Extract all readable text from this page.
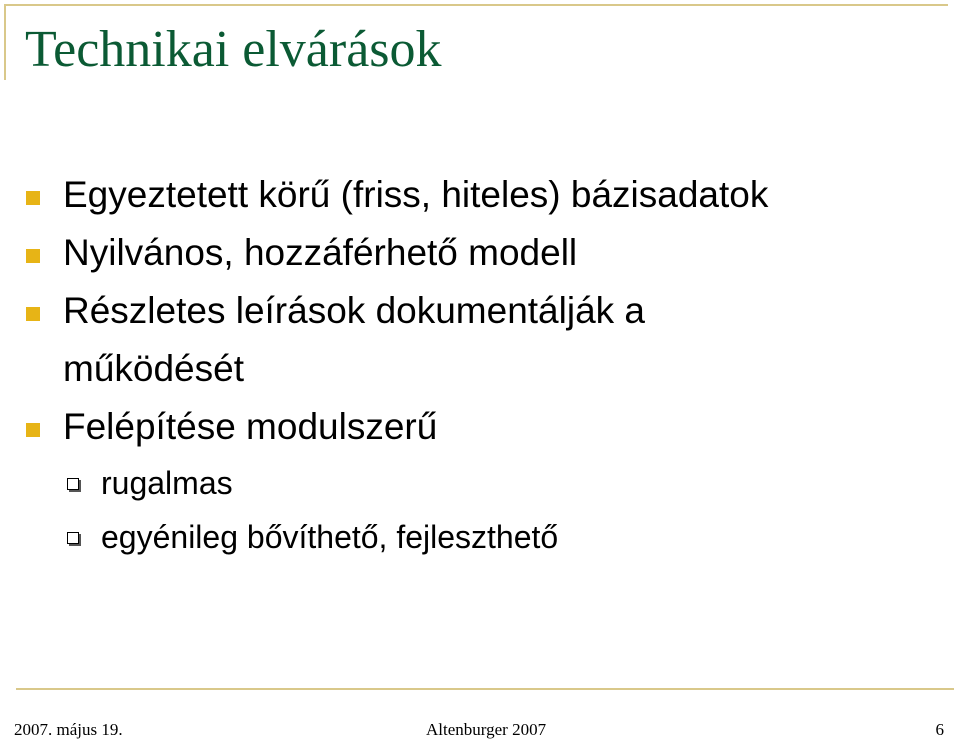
Technikai elvárások
Egyeztetett körű (friss, hiteles) bázisadatok
Nyilvános, hozzáférhető modell
Részletes leírások dokumentálják a
működését
Felépítése modulszerű
rugalmas
egyénileg bővíthető, fejleszthető
2007. május 19.	Altenburger 2007	6
